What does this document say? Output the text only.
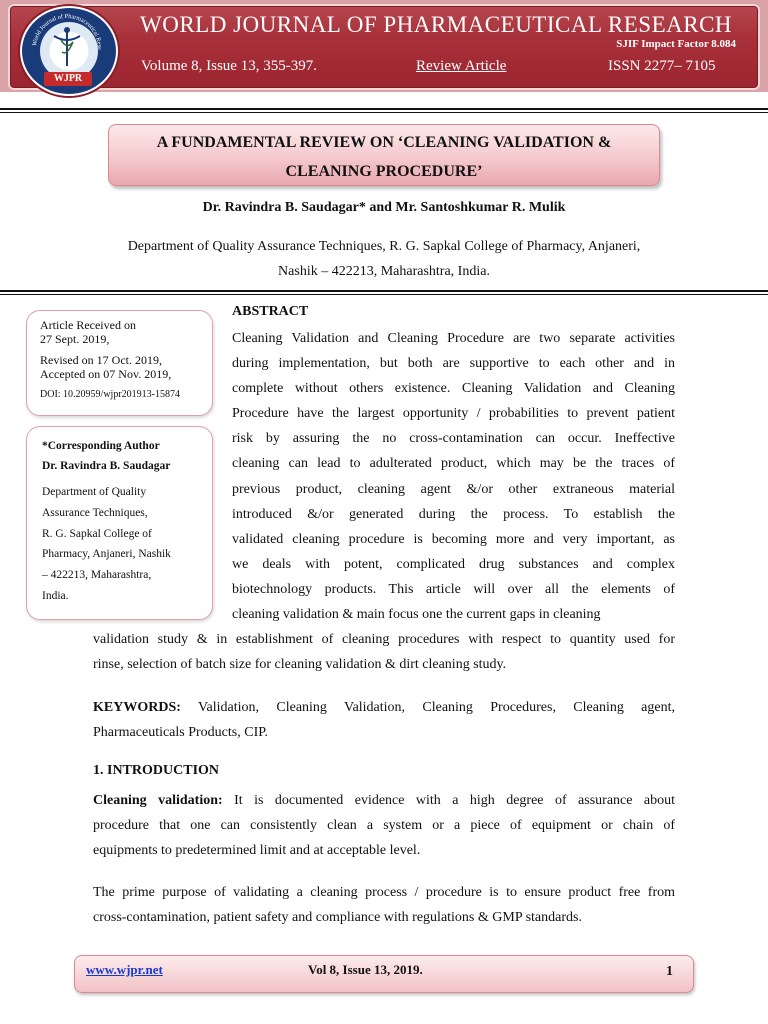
World Journal of Pharmaceutical Rese
WJPR
WORLD JOURNAL OF PHARMACEUTICAL RESEARCH
SJIF Impact Factor 8.084
Volume 8, Issue 13, 355-397.	Review Article	ISSN 2277– 7105
A FUNDAMENTAL REVIEW ON ‘CLEANING VALIDATION &
CLEANING PROCEDURE’
Dr. Ravindra B. Saudagar* and Mr. Santoshkumar R. Mulik
Department of Quality Assurance Techniques, R. G. Sapkal College of Pharmacy, Anjaneri,
Nashik – 422213, Maharashtra, India.
Article Received on
27 Sept. 2019,
Revised on 17 Oct. 2019,
Accepted on 07 Nov. 2019,
DOI: 10.20959/wjpr201913-15874
*Corresponding Author
Dr. Ravindra B. Saudagar
Department of Quality
Assurance Techniques,
R. G. Sapkal College of
Pharmacy, Anjaneri, Nashik
– 422213, Maharashtra,
India.
ABSTRACT
Cleaning Validation and Cleaning Procedure are two separate activities
during implementation, but both are supportive to each other and in
complete without others existence. Cleaning Validation and Cleaning
Procedure have the largest opportunity / probabilities to prevent patient
risk by assuring the no cross-contamination can occur. Ineffective
cleaning can lead to adulterated product, which may be the traces of
previous product, cleaning agent &/or other extraneous material
introduced &/or generated during the process. To establish the
validated cleaning procedure is becoming more and very important, as
we deals with potent, complicated drug substances and complex
biotechnology products. This article will over all the elements of
cleaning validation & main focus one the current gaps in cleaning
validation study & in establishment of cleaning procedures with respect to quantity used for
rinse, selection of batch size for cleaning validation & dirt cleaning study.
KEYWORDS: Validation, Cleaning Validation, Cleaning Procedures, Cleaning agent,
Pharmaceuticals Products, CIP.
1. INTRODUCTION
Cleaning validation: It is documented evidence with a high degree of assurance about
procedure that one can consistently clean a system or a piece of equipment or chain of
equipments to predetermined limit and at acceptable level.
The prime purpose of validating a cleaning process / procedure is to ensure product free from
cross-contamination, patient safety and compliance with regulations & GMP standards.
www.wjpr.net	Vol 8, Issue 13, 2019.	1
